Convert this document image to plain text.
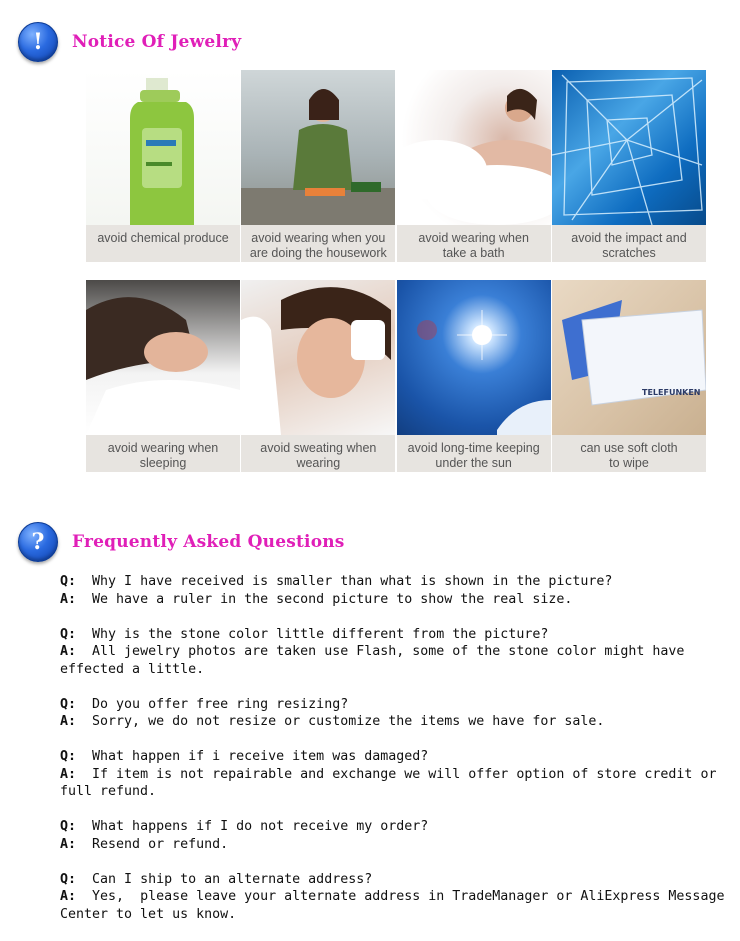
!	Notice Of Jewelry
avoid chemical produce	avoid wearing when you
are doing the housework
avoid wearing when
take a bath
avoid the impact and
scratches
avoid wearing when
sleeping
avoid sweating when
wearing
avoid long-time keeping
under the sun
TELEFUNKEN
can use soft cloth
to wipe
?	Frequently Asked Questions
Q: Why I have received is smaller than what is shown in the picture?
A: We have a ruler in the second picture to show the real size.
Q: Why is the stone color little different from the picture?
A: All jewelry photos are taken use Flash, some of the stone color might have effected a little.
Q: Do you offer free ring resizing?
A: Sorry, we do not resize or customize the items we have for sale.
Q: What happen if i receive item was damaged?
A: If item is not repairable and exchange we will offer option of store credit or full refund.
Q: What happens if I do not receive my order?
A: Resend or refund.
Q: Can I ship to an alternate address?
A: Yes,  please leave your alternate address in TradeManager or AliExpress Message Center to let us know.
